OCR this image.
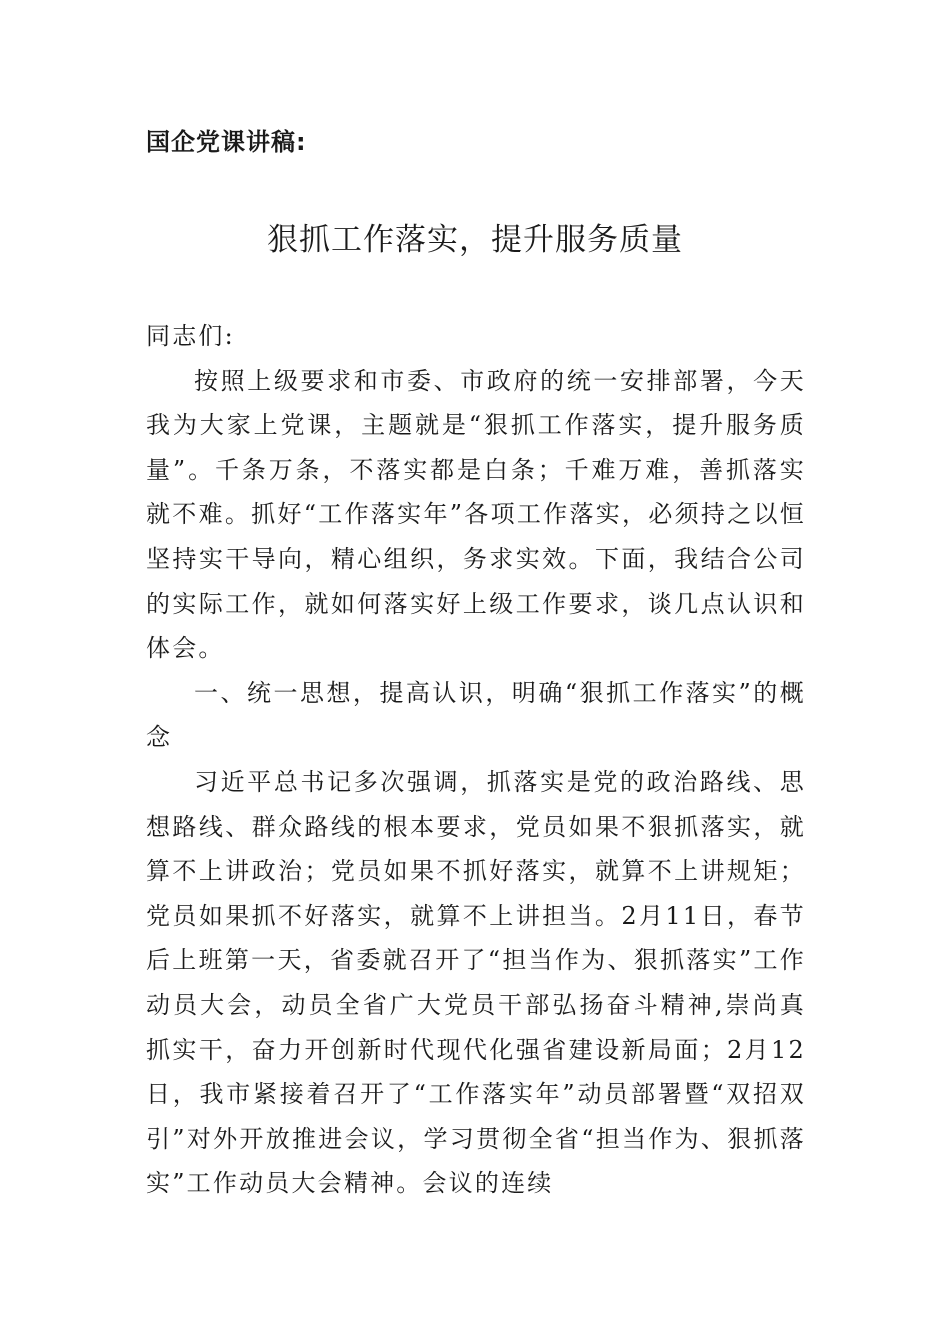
国企党课讲稿:
狠抓工作落实，提升服务质量

同志们:

按照上级要求和市委、市政府的统一安排部署，今天我为大家上党课，主题就是“狠抓工作落实，提升服务质量”。千条万条，不落实都是白条；千难万难，善抓落实就不难。抓好“工作落实年”各项工作落实，必须持之以恒坚持实干导向，精心组织，务求实效。下面，我结合公司的实际工作，就如何落实好上级工作要求，谈几点认识和体会。

一、统一思想，提高认识，明确“狠抓工作落实”的概念

习近平总书记多次强调，抓落实是党的政治路线、思想路线、群众路线的根本要求，党员如果不狠抓落实，就算不上讲政治；党员如果不抓好落实，就算不上讲规矩；党员如果抓不好落实，就算不上讲担当。2月11日，春节后上班第一天，省委就召开了“担当作为、狠抓落实”工作动员大会，动员全省广大党员干部弘扬奋斗精神,崇尚真抓实干，奋力开创新时代现代化强省建设新局面；2月12日，我市紧接着召开了“工作落实年”动员部署暨“双招双引”对外开放推进会议，学习贯彻全省“担当作为、狠抓落实”工作动员大会精神。会议的连续
